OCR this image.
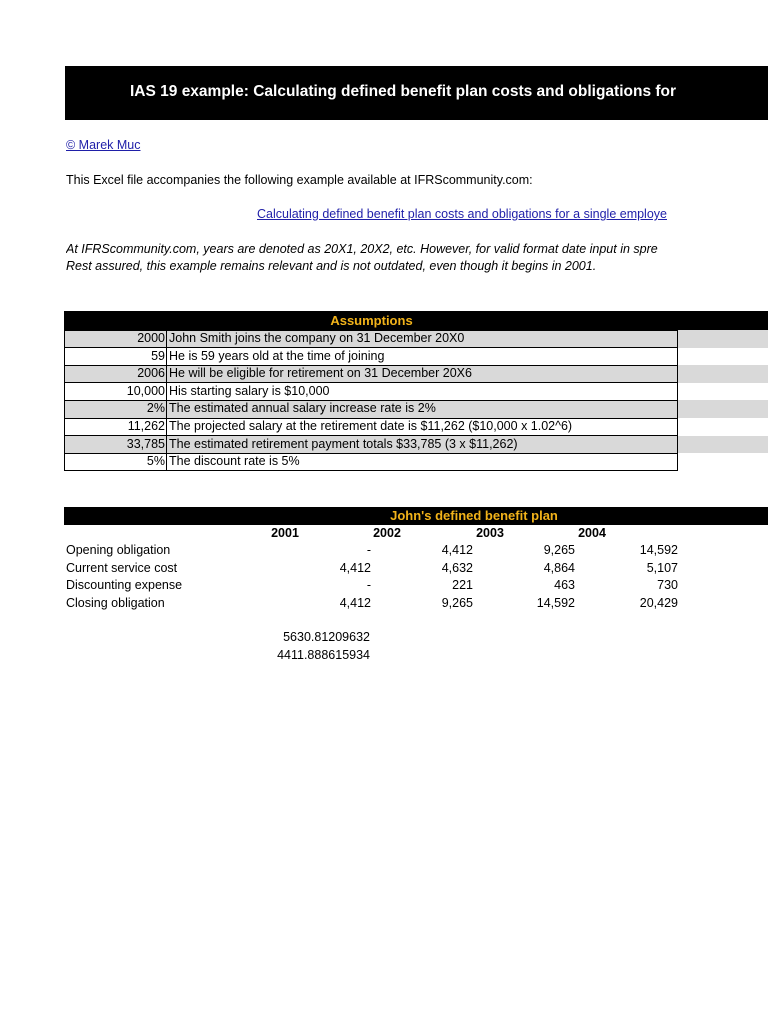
IAS 19 example: Calculating defined benefit plan costs and obligations for
© Marek Muc
This Excel file accompanies the following example available at IFRScommunity.com:
Calculating defined benefit plan costs and obligations for a single employe
At IFRScommunity.com, years are denoted as 20X1, 20X2, etc. However, for valid format date input in spre
Rest assured, this example remains relevant and is not outdated, even though it begins in 2001.
Assumptions
2000 John Smith joins the company on 31 December 20X0
59 He is 59 years old at the time of joining
2006 He will be eligible for retirement on 31 December 20X6
10,000 His starting salary is $10,000
2% The estimated annual salary increase rate is 2%
11,262 The projected salary at the retirement date is $11,262 ($10,000 x 1.02^6)
33,785 The estimated retirement payment totals $33,785 (3 x $11,262)
5% The discount rate is 5%
John's defined benefit plan
2001	2002	2003	2004
Opening obligation	-	4,412	9,265	14,592
Current service cost	4,412	4,632	4,864	5,107
Discounting expense	-	221	463	730
Closing obligation	4,412	9,265	14,592	20,429
5630.81209632
4411.888615934
